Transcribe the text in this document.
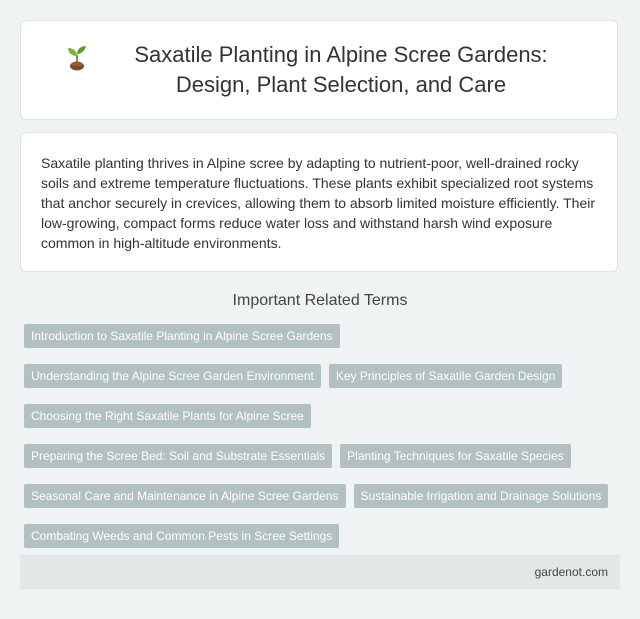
Saxatile Planting in Alpine Scree Gardens: Design, Plant Selection, and Care

Saxatile planting thrives in Alpine scree by adapting to nutrient-poor, well-drained rocky soils and extreme temperature fluctuations. These plants exhibit specialized root systems that anchor securely in crevices, allowing them to absorb limited moisture efficiently. Their low-growing, compact forms reduce water loss and withstand harsh wind exposure common in high-altitude environments.

Important Related Terms
Introduction to Saxatile Planting in Alpine Scree Gardens
Understanding the Alpine Scree Garden Environment	Key Principles of Saxatile Garden Design
Choosing the Right Saxatile Plants for Alpine Scree
Preparing the Scree Bed: Soil and Substrate Essentials	Planting Techniques for Saxatile Species
Seasonal Care and Maintenance in Alpine Scree Gardens	Sustainable Irrigation and Drainage Solutions
Combating Weeds and Common Pests in Scree Settings
gardenot.com
